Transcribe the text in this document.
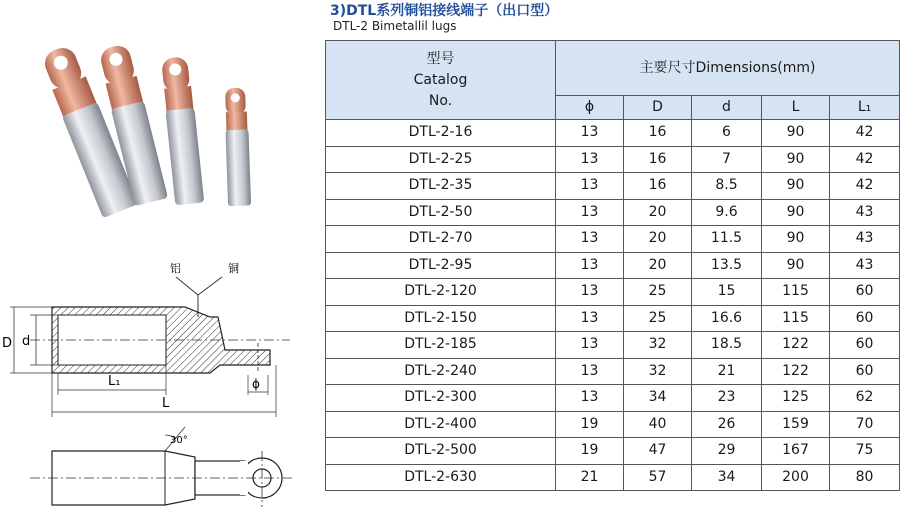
铝	铜
D d
L₁
L
ϕ
30°
3)DTL系列铜铝接线端子（出口型）
DTL-2 Bimetallil lugs
型号
Catalog
No.	主要尺寸Dimensions(mm)				
	ϕ	D	d	L	L₁
DTL-2-16	13	16	6	90	42
DTL-2-25	13	16	7	90	42
DTL-2-35	13	16	8.5	90	42
DTL-2-50	13	20	9.6	90	43
DTL-2-70	13	20	11.5	90	43
DTL-2-95	13	20	13.5	90	43
DTL-2-120	13	25	15	115	60
DTL-2-150	13	25	16.6	115	60
DTL-2-185	13	32	18.5	122	60
DTL-2-240	13	32	21	122	60
DTL-2-300	13	34	23	125	62
DTL-2-400	19	40	26	159	70
DTL-2-500	19	47	29	167	75
DTL-2-630	21	57	34	200	80
